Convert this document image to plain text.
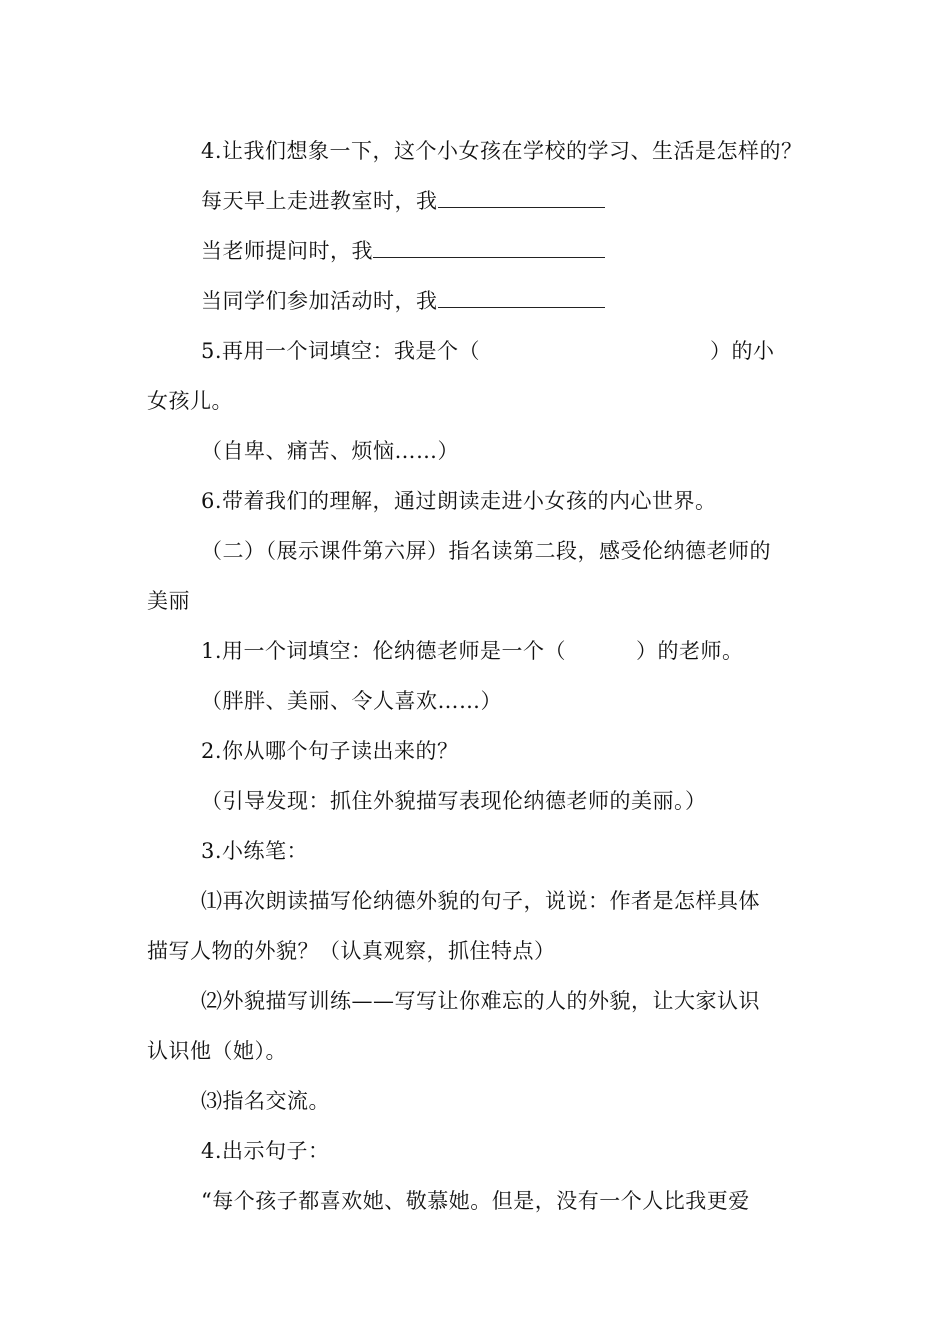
4.让我们想象一下，这个小女孩在学校的学习、生活是怎样的？
每天早上走进教室时，我
当老师提问时，我
当同学们参加活动时，我
5.再用一个词填空：我是个（	）的小
女孩儿。
（自卑、痛苦、烦恼……）
6.带着我们的理解，通过朗读走进小女孩的内心世界。
（二）（展示课件第六屏）指名读第二段，感受伦纳德老师的
美丽
1.用一个词填空：伦纳德老师是一个（	）的老师。
（胖胖、美丽、令人喜欢……）
2.你从哪个句子读出来的？
（引导发现：抓住外貌描写表现伦纳德老师的美丽。）
3.小练笔：
⑴再次朗读描写伦纳德外貌的句子，说说：作者是怎样具体
描写人物的外貌？（认真观察，抓住特点）
⑵外貌描写训练——写写让你难忘的人的外貌，让大家认识
认识他（她）。
⑶指名交流。
4.出示句子：
“每个孩子都喜欢她、敬慕她。但是，没有一个人比我更爱
